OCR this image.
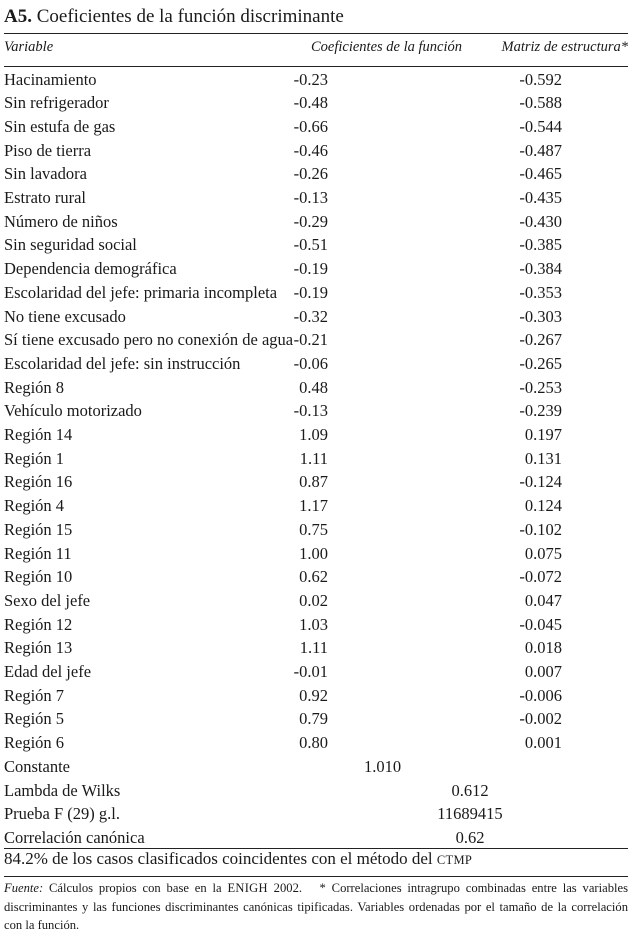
A5. Coeficientes de la función discriminante
Variable	Coeficientes de la función	Matriz de estructura*
Hacinamiento	-0.23	-0.592
Sin refrigerador	-0.48	-0.588
Sin estufa de gas	-0.66	-0.544
Piso de tierra	-0.46	-0.487
Sin lavadora	-0.26	-0.465
Estrato rural	-0.13	-0.435
Número de niños	-0.29	-0.430
Sin seguridad social	-0.51	-0.385
Dependencia demográfica	-0.19	-0.384
Escolaridad del jefe: primaria incompleta -0.19	-0.353
No tiene excusado	-0.32	-0.303
Sí tiene excusado pero no conexión de agua -0.21	-0.267
Escolaridad del jefe: sin instrucción	-0.06	-0.265
Región 8	0.48	-0.253
Vehículo motorizado	-0.13	-0.239
Región 14	1.09	0.197
Región 1	1.11	0.131
Región 16	0.87	-0.124
Región 4	1.17	0.124
Región 15	0.75	-0.102
Región 11	1.00	0.075
Región 10	0.62	-0.072
Sexo del jefe	0.02	0.047
Región 12	1.03	-0.045
Región 13	1.11	0.018
Edad del jefe	-0.01	0.007
Región 7	0.92	-0.006
Región 5	0.79	-0.002
Región 6	0.80	0.001
Constante	1.010
Lambda de Wilks	0.612
Prueba F (29) g.l.	11689415
Correlación canónica	0.62
84.2% de los casos clasificados coincidentes con el método del CTMP
Fuente: Cálculos propios con base en la ENIGH 2002. * Correlaciones intragrupo combinadas entre las variables discriminantes y las funciones discriminantes canónicas tipificadas. Variables ordenadas por el tamaño de la correlación con la función.
